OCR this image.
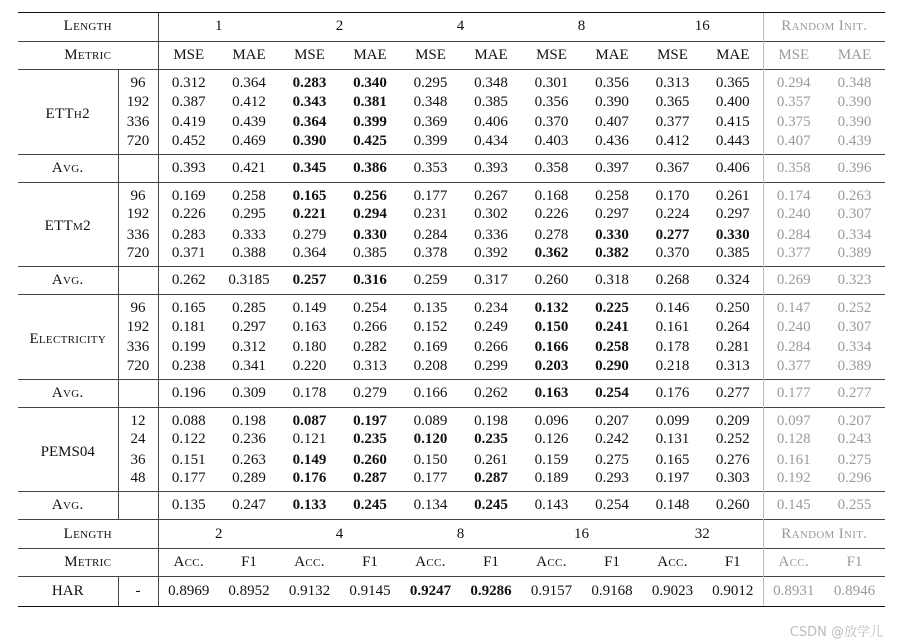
Length		1		2		4		8		16		Random Init.	
Metric		MSE	MAE	MSE	MAE	MSE	MAE	MSE	MAE	MSE	MAE	MSE	MAE
ETTh2	96	0.312	0.364	0.283	0.340	0.295	0.348	0.301	0.356	0.313	0.365	0.294	0.348
	192	0.387	0.412	0.343	0.381	0.348	0.385	0.356	0.390	0.365	0.400	0.357	0.390
	336	0.419	0.439	0.364	0.399	0.369	0.406	0.370	0.407	0.377	0.415	0.375	0.390
	720	0.452	0.469	0.390	0.425	0.399	0.434	0.403	0.436	0.412	0.443	0.407	0.439
Avg.		0.393	0.421	0.345	0.386	0.353	0.393	0.358	0.397	0.367	0.406	0.358	0.396
ETTm2	96	0.169	0.258	0.165	0.256	0.177	0.267	0.168	0.258	0.170	0.261	0.174	0.263
	192	0.226	0.295	0.221	0.294	0.231	0.302	0.226	0.297	0.224	0.297	0.240	0.307
	336	0.283	0.333	0.279	0.330	0.284	0.336	0.278	0.330	0.277	0.330	0.284	0.334
	720	0.371	0.388	0.364	0.385	0.378	0.392	0.362	0.382	0.370	0.385	0.377	0.389
Avg.		0.262	0.3185	0.257	0.316	0.259	0.317	0.260	0.318	0.268	0.324	0.269	0.323
Electricity	96	0.165	0.285	0.149	0.254	0.135	0.234	0.132	0.225	0.146	0.250	0.147	0.252
	192	0.181	0.297	0.163	0.266	0.152	0.249	0.150	0.241	0.161	0.264	0.240	0.307
	336	0.199	0.312	0.180	0.282	0.169	0.266	0.166	0.258	0.178	0.281	0.284	0.334
	720	0.238	0.341	0.220	0.313	0.208	0.299	0.203	0.290	0.218	0.313	0.377	0.389
Avg.		0.196	0.309	0.178	0.279	0.166	0.262	0.163	0.254	0.176	0.277	0.177	0.277
PEMS04	12	0.088	0.198	0.087	0.197	0.089	0.198	0.096	0.207	0.099	0.209	0.097	0.207
	24	0.122	0.236	0.121	0.235	0.120	0.235	0.126	0.242	0.131	0.252	0.128	0.243
	36	0.151	0.263	0.149	0.260	0.150	0.261	0.159	0.275	0.165	0.276	0.161	0.275
	48	0.177	0.289	0.176	0.287	0.177	0.287	0.189	0.293	0.197	0.303	0.192	0.296
Avg.		0.135	0.247	0.133	0.245	0.134	0.245	0.143	0.254	0.148	0.260	0.145	0.255
Length		2		4		8		16		32		Random Init.	
Metric		Acc.	F1	Acc.	F1	Acc.	F1	Acc.	F1	Acc.	F1	Acc.	F1
HAR	-	0.8969	0.8952	0.9132	0.9145	0.9247	0.9286	0.9157	0.9168	0.9023	0.9012	0.8931	0.8946
CSDN @放学儿
